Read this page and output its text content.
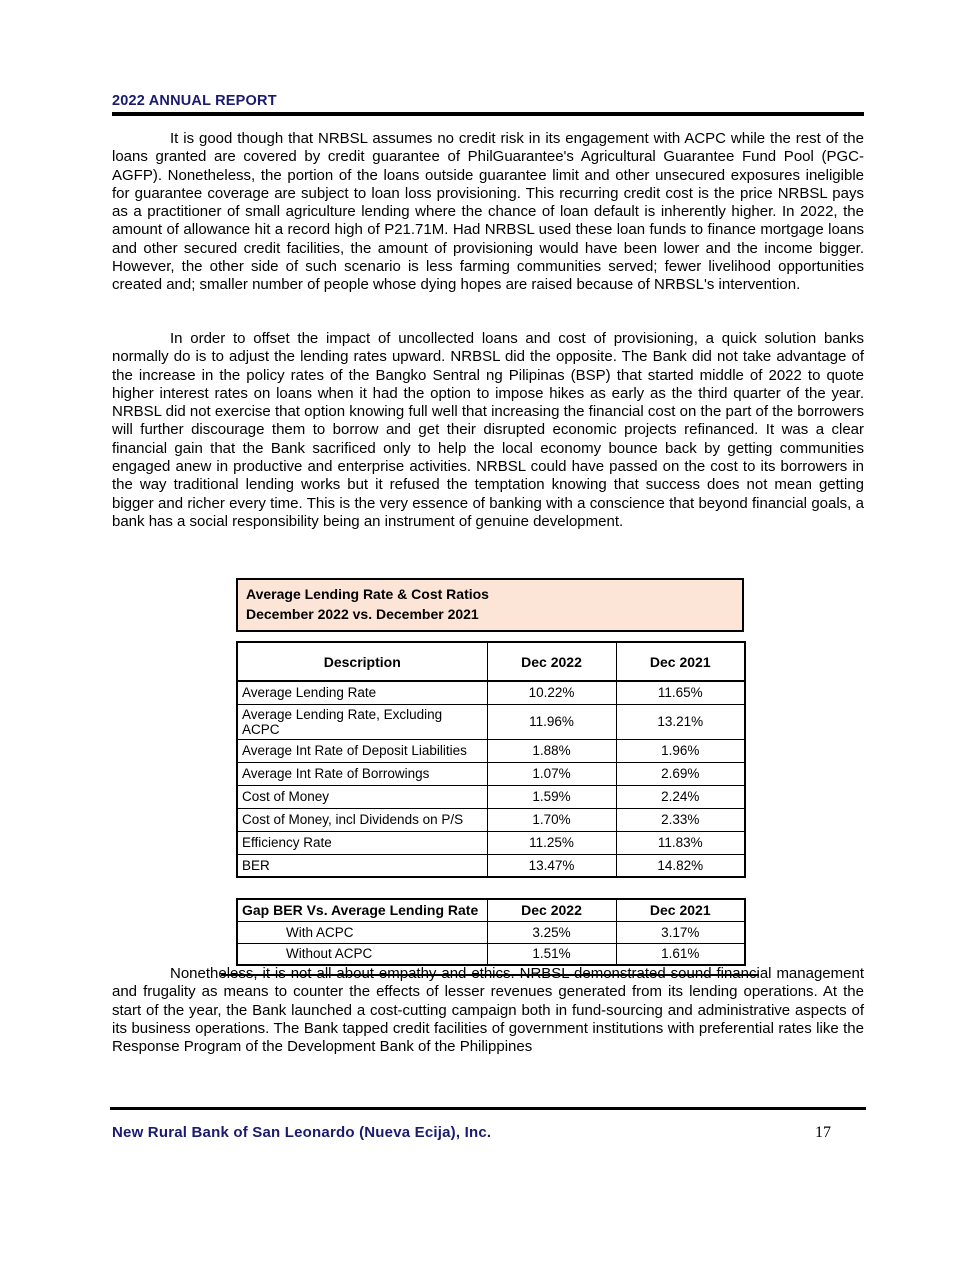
2022 ANNUAL REPORT

It is good though that NRBSL assumes no credit risk in its engagement with ACPC while the rest of the loans granted are covered by credit guarantee of PhilGuarantee's Agricultural Guarantee Fund Pool (PGC-AGFP). Nonetheless, the portion of the loans outside guarantee limit and other unsecured exposures ineligible for guarantee coverage are subject to loan loss provisioning. This recurring credit cost is the price NRBSL pays as a practitioner of small agriculture lending where the chance of loan default is inherently higher. In 2022, the amount of allowance hit a record high of P21.71M. Had NRBSL used these loan funds to finance mortgage loans and other secured credit facilities, the amount of provisioning would have been lower and the income bigger. However, the other side of such scenario is less farming communities served; fewer livelihood opportunities created and; smaller number of people whose dying hopes are raised because of NRBSL's intervention.

In order to offset the impact of uncollected loans and cost of provisioning, a quick solution banks normally do is to adjust the lending rates upward. NRBSL did the opposite. The Bank did not take advantage of the increase in the policy rates of the Bangko Sentral ng Pilipinas (BSP) that started middle of 2022 to quote higher interest rates on loans when it had the option to impose hikes as early as the third quarter of the year. NRBSL did not exercise that option knowing full well that increasing the financial cost on the part of the borrowers will further discourage them to borrow and get their disrupted economic projects refinanced. It was a clear financial gain that the Bank sacrificed only to help the local economy bounce back by getting communities engaged anew in productive and enterprise activities. NRBSL could have passed on the cost to its borrowers in the way traditional lending works but it refused the temptation knowing that success does not mean getting bigger and richer every time. This is the very essence of banking with a conscience that beyond financial goals, a bank has a social responsibility being an instrument of genuine development.

Average Lending Rate & Cost Ratios
December 2022 vs. December 2021
Description	Dec 2022	Dec 2021
Average Lending Rate	10.22%	11.65%
Average Lending Rate, Excluding ACPC	11.96%	13.21%
Average Int Rate of Deposit Liabilities	1.88%	1.96%
Average Int Rate of Borrowings	1.07%	2.69%
Cost of Money	1.59%	2.24%
Cost of Money, incl Dividends on P/S	1.70%	2.33%
Efficiency Rate	11.25%	11.83%
BER	13.47%	14.82%
Gap BER Vs. Average Lending Rate	Dec 2022	Dec 2021
With ACPC	3.25%	3.17%
Without ACPC	1.51%	1.61%

Nonetheless, it is not all about empathy and ethics. NRBSL demonstrated sound financial management and frugality as means to counter the effects of lesser revenues generated from its lending operations. At the start of the year, the Bank launched a cost-cutting campaign both in fund-sourcing and administrative aspects of its business operations. The Bank tapped credit facilities of government institutions with preferential rates like the Response Program of the Development Bank of the Philippines

New Rural Bank of San Leonardo (Nueva Ecija), Inc.	17
